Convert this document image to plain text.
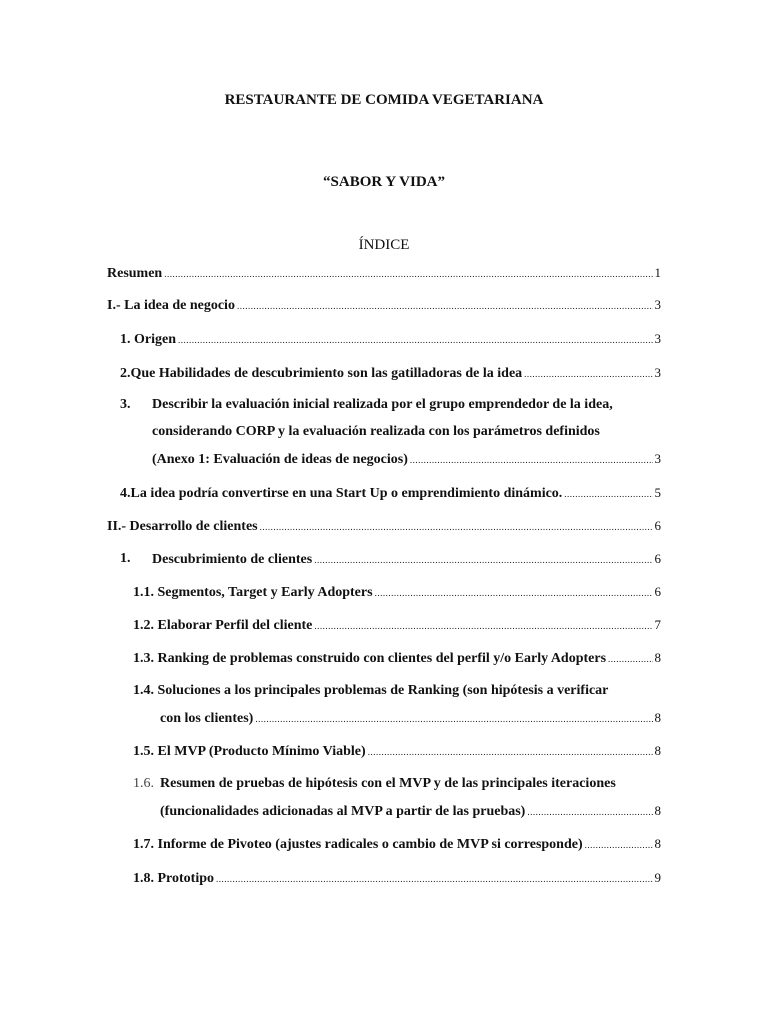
RESTAURANTE DE COMIDA VEGETARIANA
“SABOR Y VIDA”
ÍNDICE
Resumen .....	1
I.- La idea de negocio .....	3
1. Origen .....	3
2.Que Habilidades de descubrimiento son las gatilladoras de la idea .....	3
3. Describir la evaluación inicial realizada por el grupo emprendedor de la idea,
considerando CORP y la evaluación realizada con los parámetros definidos
(Anexo 1: Evaluación de ideas de negocios) .....	3
4.La idea podría convertirse en una Start Up o emprendimiento dinámico. .....	5
II.- Desarrollo de clientes .....	6
1. Descubrimiento de clientes .....	6
1.1. Segmentos, Target y Early Adopters .....	6
1.2. Elaborar Perfil del cliente .....	7
1.3. Ranking de problemas construido con clientes del perfil y/o Early Adopters .....	8
1.4. Soluciones a los principales problemas de Ranking (son hipótesis a verificar
con los clientes) .....	8
1.5. El MVP (Producto Mínimo Viable) .....	8
1.6. Resumen de pruebas de hipótesis con el MVP y de las principales iteraciones
(funcionalidades adicionadas al MVP a partir de las pruebas) .....	8
1.7. Informe de Pivoteo (ajustes radicales o cambio de MVP si corresponde) .....	8
1.8. Prototipo .....	9
